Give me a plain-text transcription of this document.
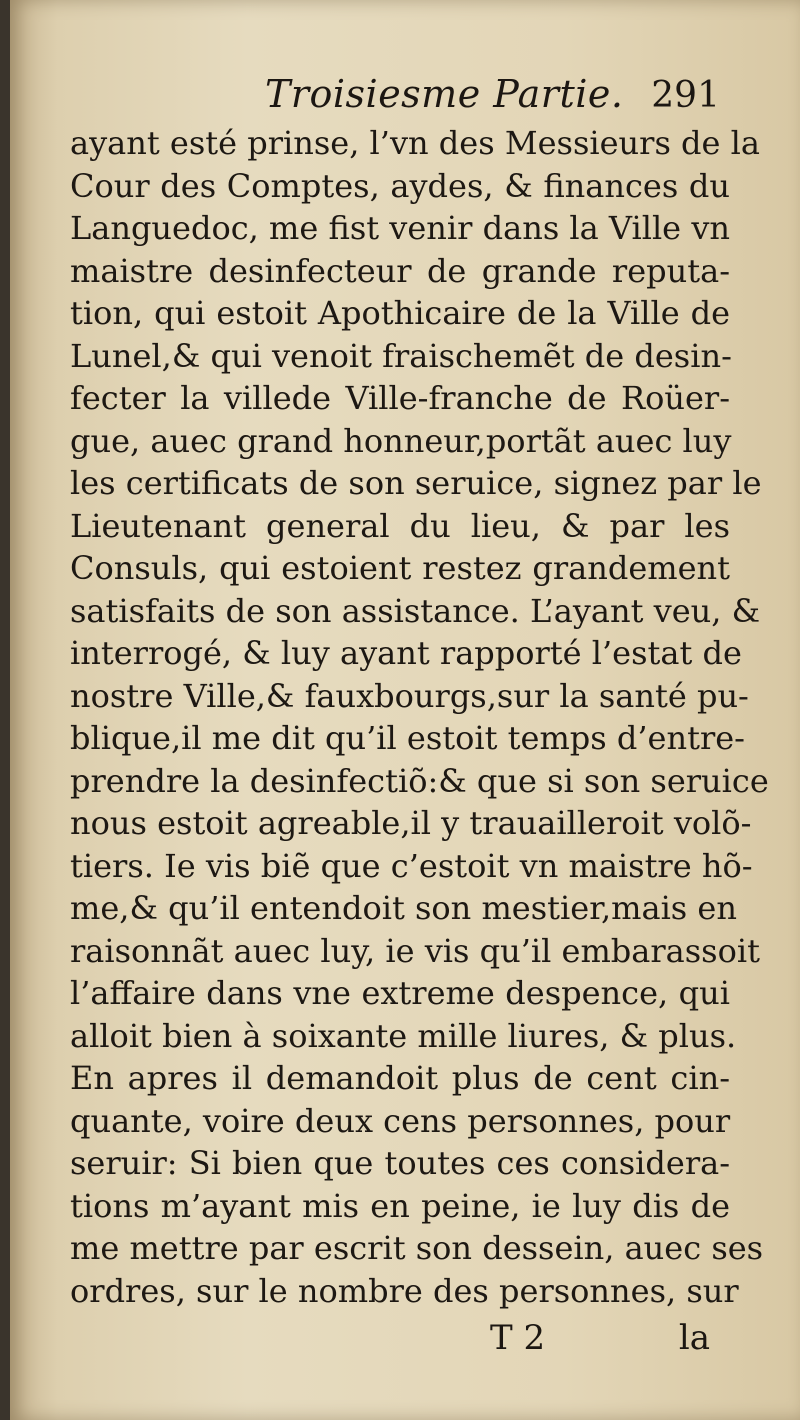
Troisiesme Partie. 291
ayant esté prinse, l’vn des Messieurs de la
Cour des Comptes, aydes, & finances du
Languedoc, me fist venir dans la Ville vn
maistre desinfecteur de grande reputa-
tion, qui estoit Apothicaire de la Ville de
Lunel,& qui venoit fraischemẽt de desin-
fecter la villede Ville-franche de Roüer-
gue, auec grand honneur,portãt auec luy
les certificats de son seruice, signez par le
Lieutenant general du lieu, & par les
Consuls, qui estoient restez grandement
satisfaits de son assistance. L’ayant veu, &
interrogé, & luy ayant rapporté l’estat de
nostre Ville,& fauxbourgs,sur la santé pu-
blique,il me dit qu’il estoit temps d’entre-
prendre la desinfectiõ:& que si son seruice
nous estoit agreable,il y trauailleroit volõ-
tiers. Ie vis biẽ que c’estoit vn maistre hõ-
me,& qu’il entendoit son mestier,mais en
raisonnãt auec luy, ie vis qu’il embarassoit
l’affaire dans vne extreme despence, qui
alloit bien à soixante mille liures, & plus.
En apres il demandoit plus de cent cin-
quante, voire deux cens personnes, pour
seruir: Si bien que toutes ces considera-
tions m’ayant mis en peine, ie luy dis de
me mettre par escrit son dessein, auec ses
ordres, sur le nombre des personnes, sur
T 2	la
